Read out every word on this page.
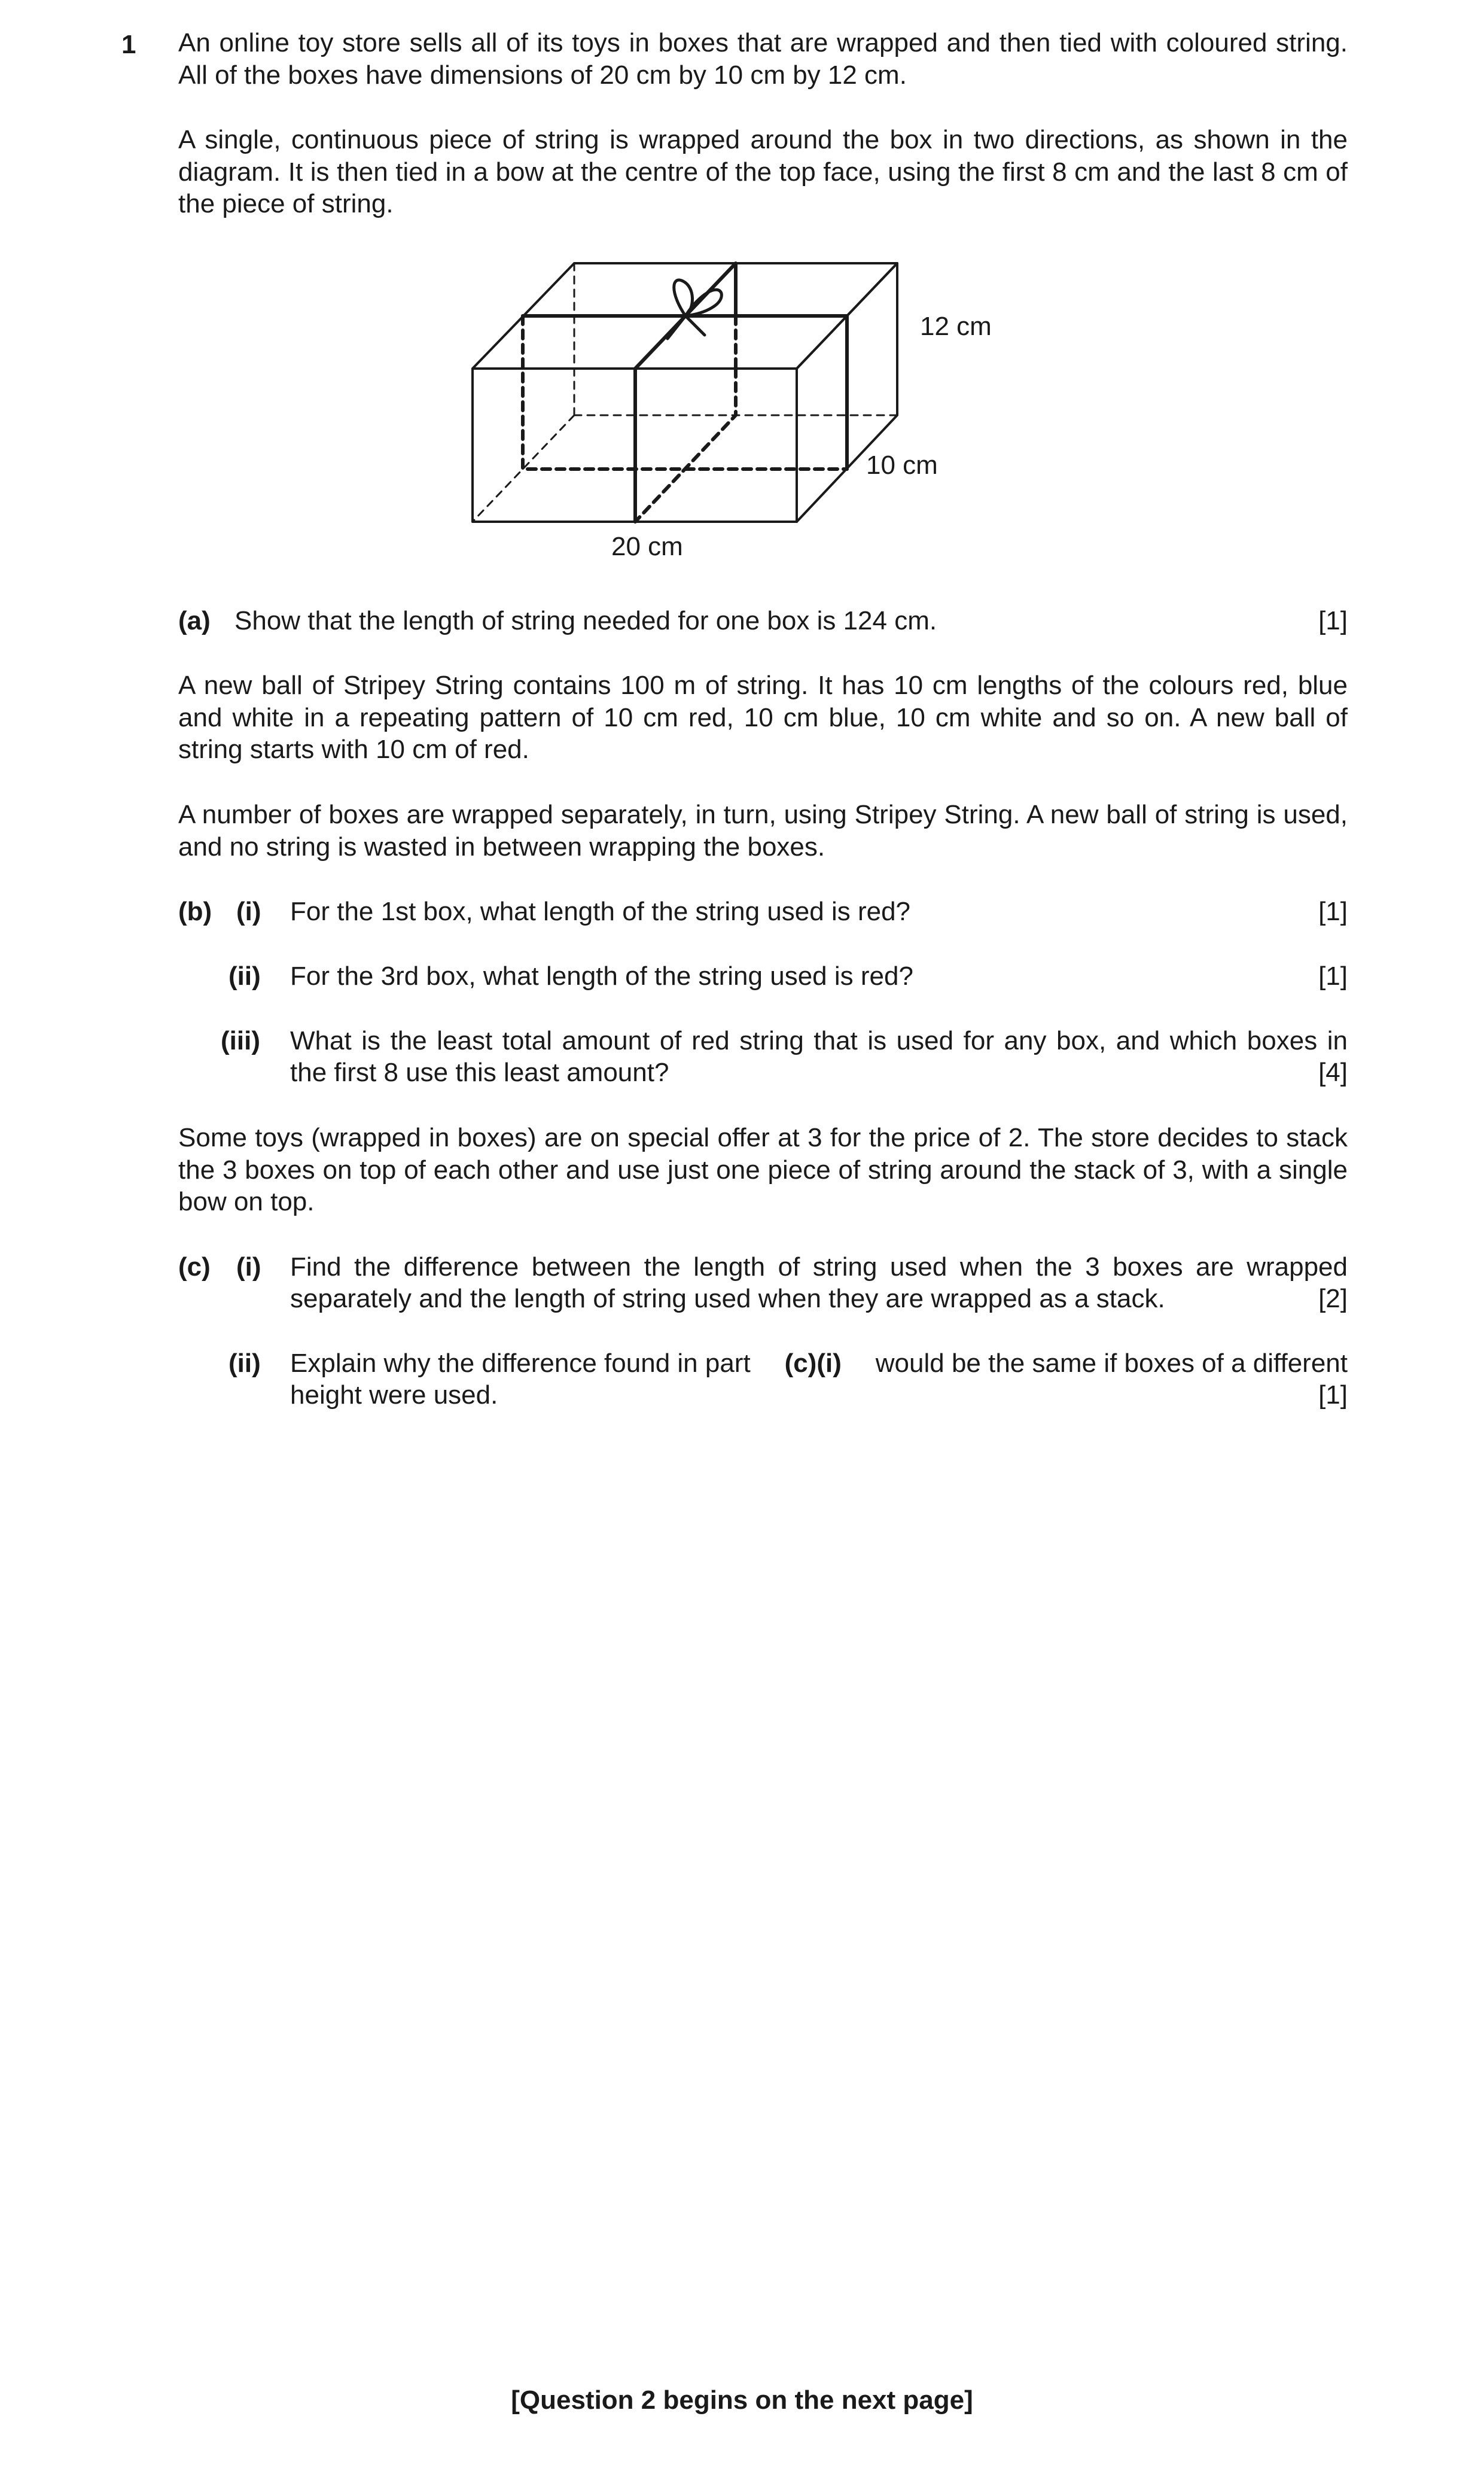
1 An online toy store sells all of its toys in boxes that are wrapped and then tied with coloured string. All of the boxes have dimensions of 20 cm by 10 cm by 12 cm.
A single, continuous piece of string is wrapped around the box in two directions, as shown in the diagram. It is then tied in a bow at the centre of the top face, using the first 8 cm and the last 8 cm of the piece of string.
12 cm
10 cm
20 cm
(a) Show that the length of string needed for one box is 124 cm.	[1]
A new ball of Stripey String contains 100 m of string. It has 10 cm lengths of the colours red, blue and white in a repeating pattern of 10 cm red, 10 cm blue, 10 cm white and so on. A new ball of string starts with 10 cm of red.
A number of boxes are wrapped separately, in turn, using Stripey String. A new ball of string is used, and no string is wasted in between wrapping the boxes.
(b) (i) For the 1st box, what length of the string used is red?	[1]
(ii) For the 3rd box, what length of the string used is red?	[1]
(iii) What is the least total amount of red string that is used for any box, and which boxes in
the first 8 use this least amount?	[4]
Some toys (wrapped in boxes) are on special offer at 3 for the price of 2. The store decides to stack the 3 boxes on top of each other and use just one piece of string around the stack of 3, with a single bow on top.
(c) (i) Find the difference between the length of string used when the 3 boxes are wrapped
separately and the length of string used when they are wrapped as a stack.	[2]
(ii) Explain why the difference found in part (c)(i) would be the same if boxes of a different
height were used.	[1]
[Question 2 begins on the next page]
